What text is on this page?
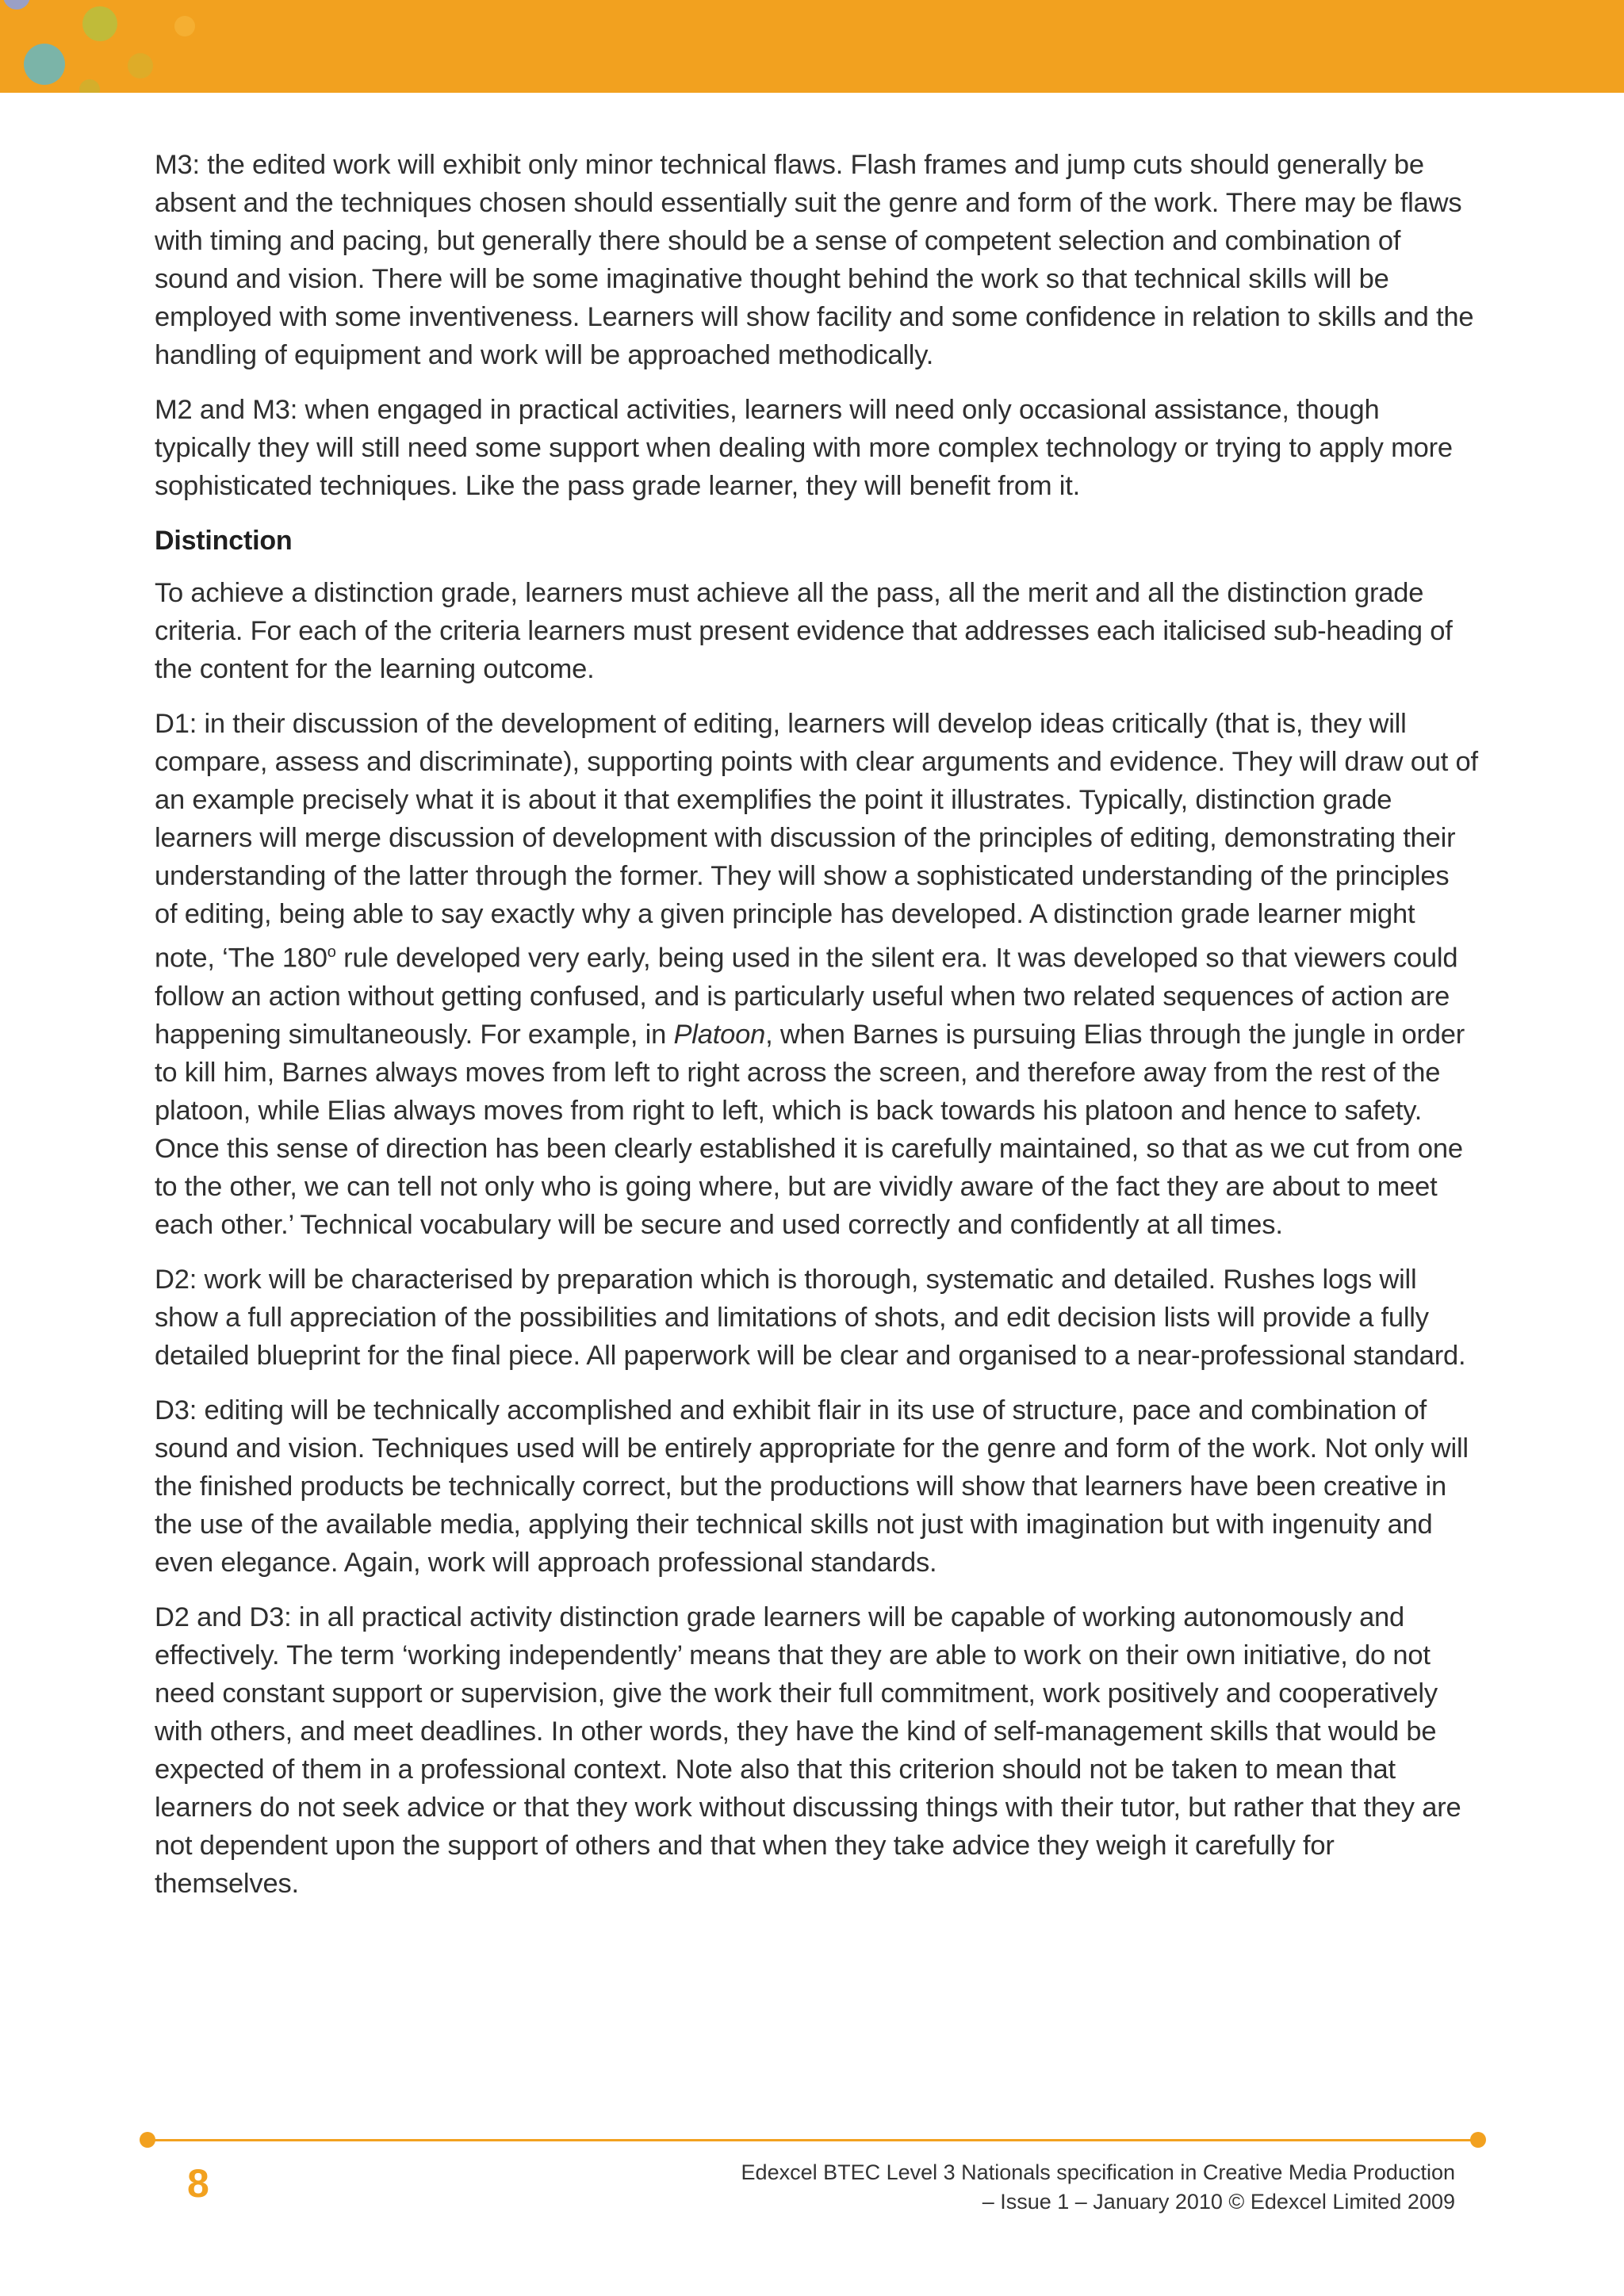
M3: the edited work will exhibit only minor technical flaws. Flash frames and jump cuts should generally be absent and the techniques chosen should essentially suit the genre and form of the work. There may be flaws with timing and pacing, but generally there should be a sense of competent selection and combination of sound and vision. There will be some imaginative thought behind the work so that technical skills will be employed with some inventiveness. Learners will show facility and some confidence in relation to skills and the handling of equipment and work will be approached methodically.

M2 and M3: when engaged in practical activities, learners will need only occasional assistance, though typically they will still need some support when dealing with more complex technology or trying to apply more sophisticated techniques. Like the pass grade learner, they will benefit from it.

Distinction

To achieve a distinction grade, learners must achieve all the pass, all the merit and all the distinction grade criteria. For each of the criteria learners must present evidence that addresses each italicised sub-heading of the content for the learning outcome.

D1: in their discussion of the development of editing, learners will develop ideas critically (that is, they will compare, assess and discriminate), supporting points with clear arguments and evidence. They will draw out of an example precisely what it is about it that exemplifies the point it illustrates. Typically, distinction grade learners will merge discussion of development with discussion of the principles of editing, demonstrating their understanding of the latter through the former. They will show a sophisticated understanding of the principles of editing, being able to say exactly why a given principle has developed. A distinction grade learner might note, ‘The 180$^o$ rule developed very early, being used in the silent era. It was developed so that viewers could follow an action without getting confused, and is particularly useful when two related sequences of action are happening simultaneously. For example, in Platoon, when Barnes is pursuing Elias through the jungle in order to kill him, Barnes always moves from left to right across the screen, and therefore away from the rest of the platoon, while Elias always moves from right to left, which is back towards his platoon and hence to safety. Once this sense of direction has been clearly established it is carefully maintained, so that as we cut from one to the other, we can tell not only who is going where, but are vividly aware of the fact they are about to meet each other.’ Technical vocabulary will be secure and used correctly and confidently at all times.

D2: work will be characterised by preparation which is thorough, systematic and detailed. Rushes logs will show a full appreciation of the possibilities and limitations of shots, and edit decision lists will provide a fully detailed blueprint for the final piece. All paperwork will be clear and organised to a near-professional standard.

D3: editing will be technically accomplished and exhibit flair in its use of structure, pace and combination of sound and vision. Techniques used will be entirely appropriate for the genre and form of the work. Not only will the finished products be technically correct, but the productions will show that learners have been creative in the use of the available media, applying their technical skills not just with imagination but with ingenuity and even elegance. Again, work will approach professional standards.

D2 and D3: in all practical activity distinction grade learners will be capable of working autonomously and effectively. The term ‘working independently’ means that they are able to work on their own initiative, do not need constant support or supervision, give the work their full commitment, work positively and cooperatively with others, and meet deadlines. In other words, they have the kind of self-management skills that would be expected of them in a professional context. Note also that this criterion should not be taken to mean that learners do not seek advice or that they work without discussing things with their tutor, but rather that they are not dependent upon the support of others and that when they take advice they weigh it carefully for themselves.

8	Edexcel BTEC Level 3 Nationals specification in Creative Media Production
– Issue 1 – January 2010 © Edexcel Limited 2009
